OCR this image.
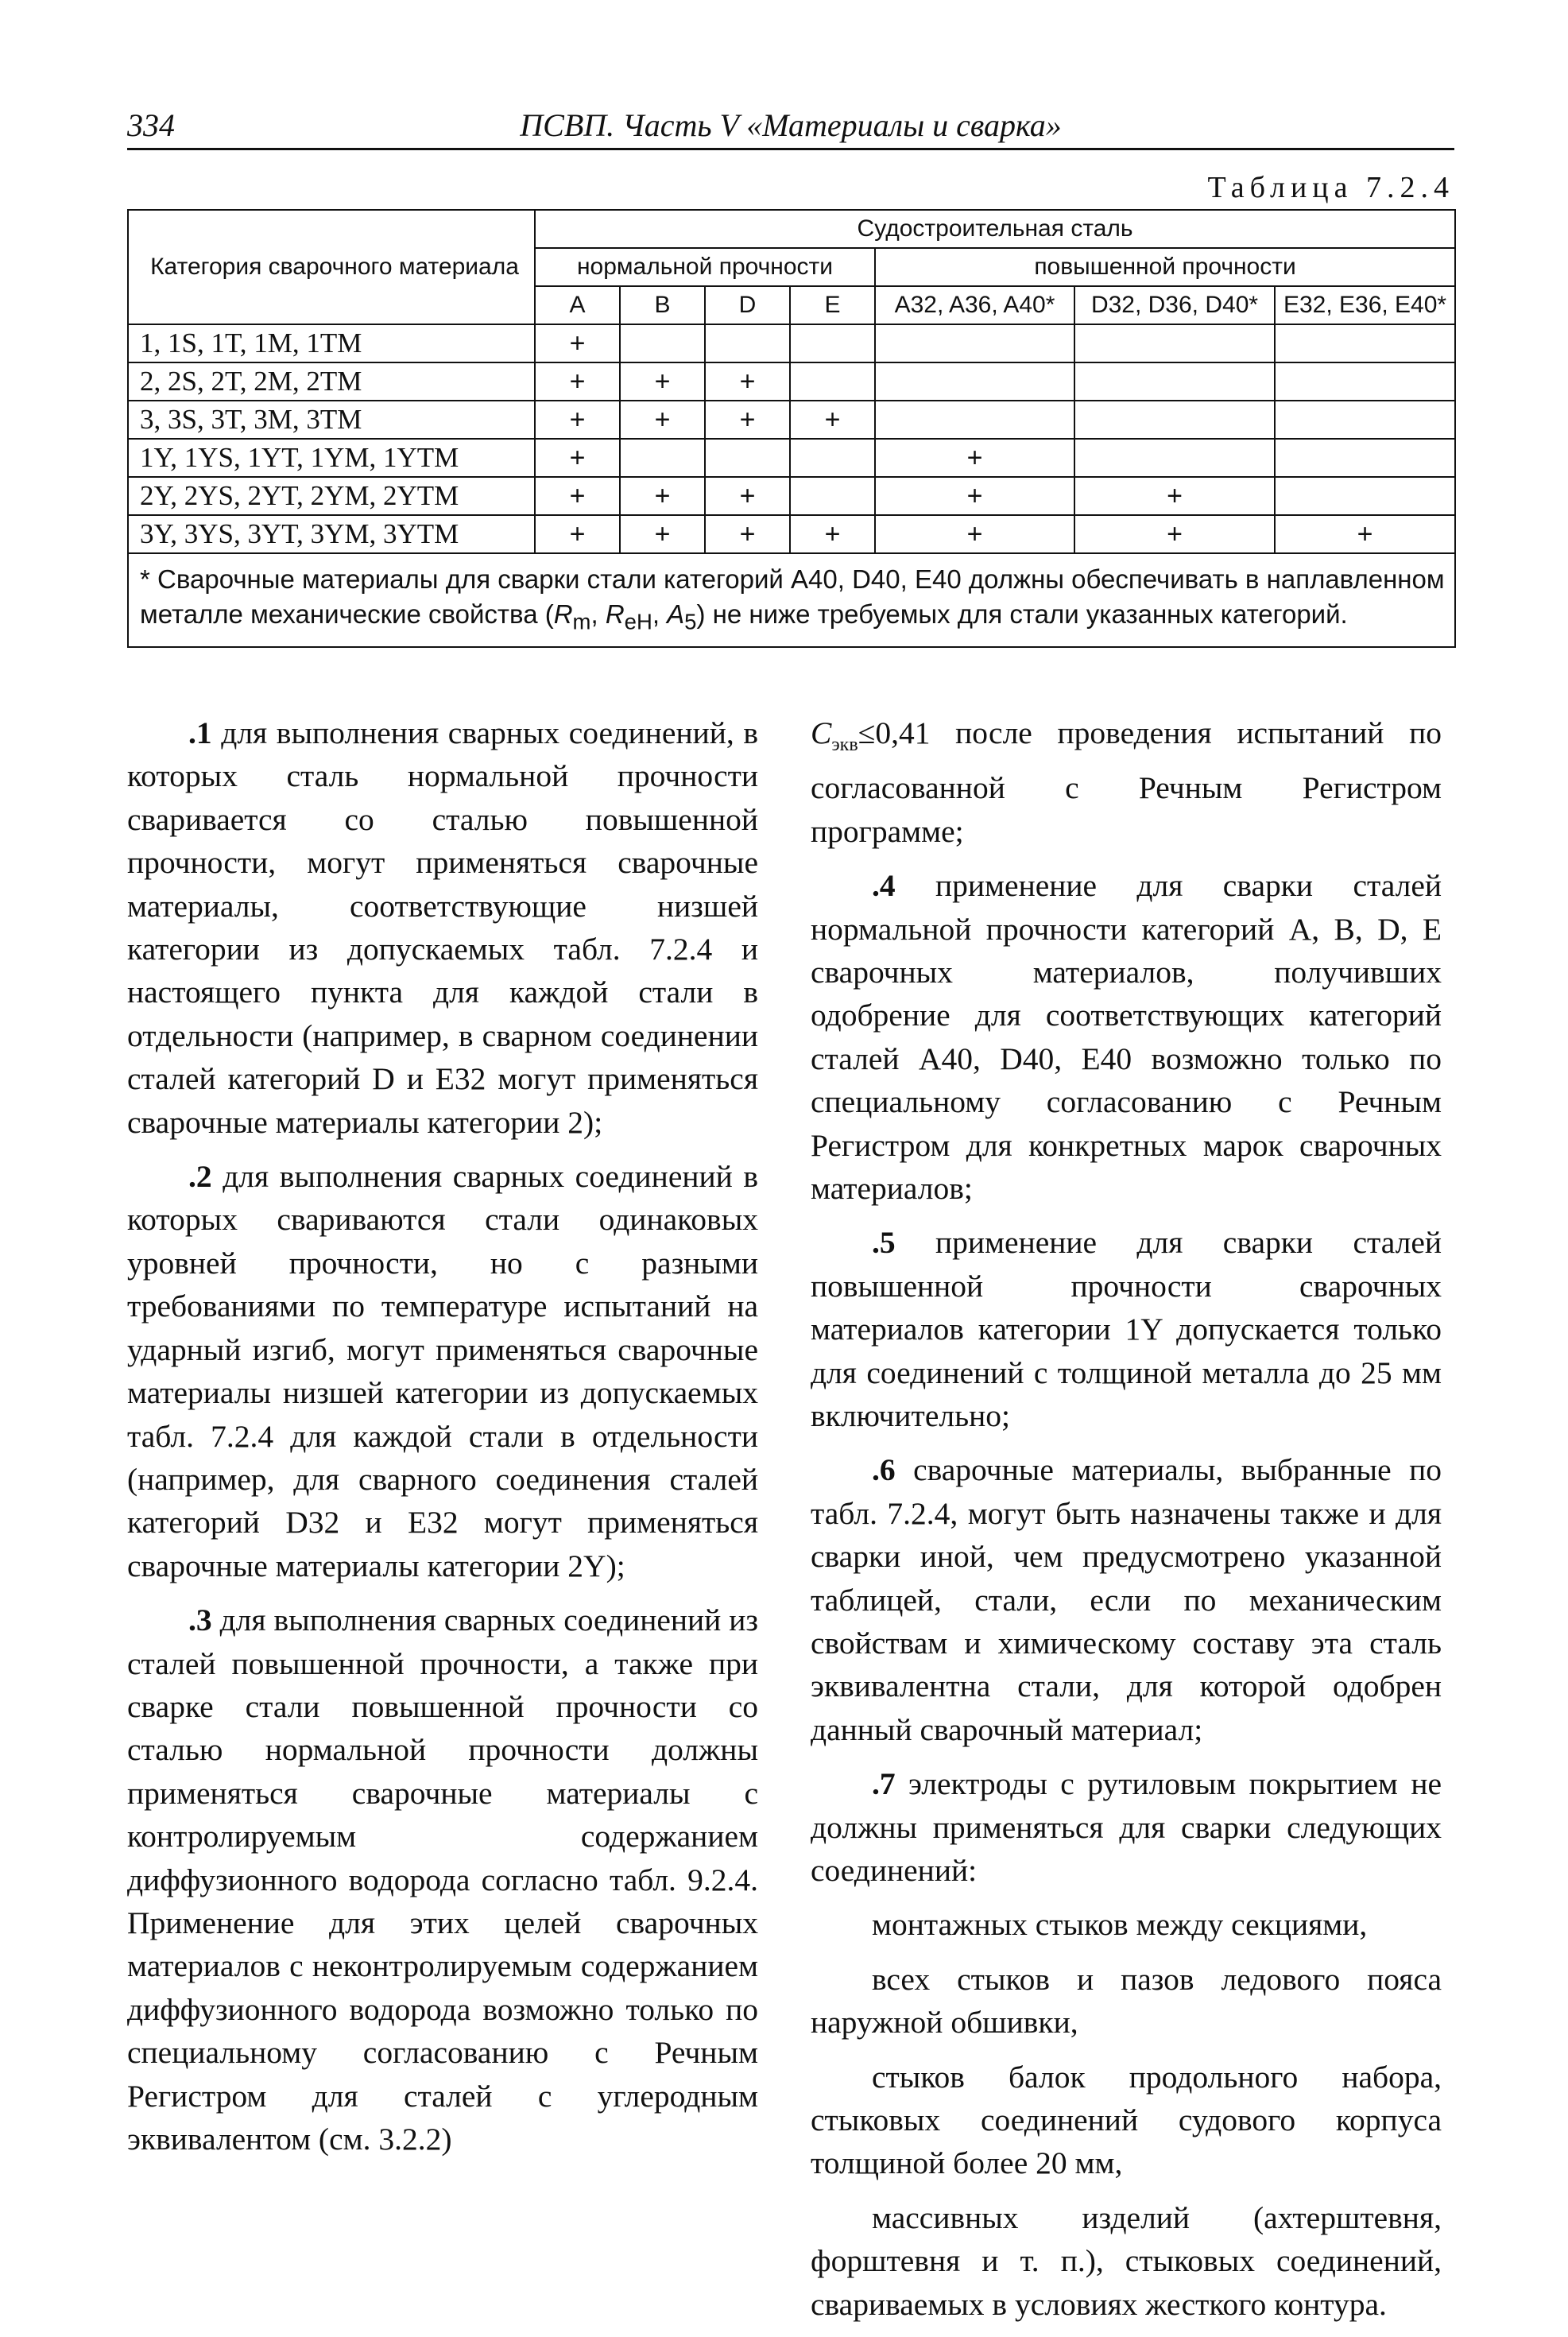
334	ПСВП. Часть V «Материалы и сварка»
Таблица 7.2.4
Категория сварочного материала	Судостроительная сталь						
	нормальной прочности				повышенной прочности		
	A	B	D	E	A32, A36, A40*	D32, D36, D40*	E32, E36, E40*
1, 1S, 1T, 1M, 1TM	+						
2, 2S, 2T, 2M, 2TM	+	+	+				
3, 3S, 3T, 3M, 3TM	+	+	+	+			
1Y, 1YS, 1YT, 1YM, 1YTM	+				+		
2Y, 2YS, 2YT, 2YM, 2YTM	+	+	+		+	+	
3Y, 3YS, 3YT, 3YM, 3YTM	+	+	+	+	+	+	+
* Сварочные материалы для сварки стали категорий A40, D40, E40 должны обеспечивать в наплавленном металле механические свойства ($R_m$, $R_{eH}$, $A_5$) не ниже требуемых для стали указанных категорий.							

.1 для выполнения сварных соединений, в которых сталь нормальной прочности сваривается со сталью повышенной прочности, могут применяться сварочные материалы, соответствующие низшей категории из допускаемых табл. 7.2.4 и настоящего пункта для каждой стали в отдельности (например, в сварном соединении сталей категорий D и E32 могут применяться сварочные материалы категории 2);

.2 для выполнения сварных соединений в которых свариваются стали одинаковых уровней прочности, но с разными требованиями по температуре испытаний на ударный изгиб, могут применяться сварочные материалы низшей категории из допускаемых табл. 7.2.4 для каждой стали в отдельности (например, для сварного соединения сталей категорий D32 и E32 могут применяться сварочные материалы категории 2Y);

.3 для выполнения сварных соединений из сталей повышенной прочности, а также при сварке стали повышенной прочности со сталью нормальной прочности должны применяться сварочные материалы с контролируемым содержанием диффузионного водорода согласно табл. 9.2.4. Применение для этих целей сварочных материалов с неконтролируемым содержанием диффузионного водорода возможно только по специальному согласованию с Речным Регистром для сталей с углеродным эквивалентом (см. 3.2.2)

$C_{экв}\le 0,41$ после проведения испытаний по согласованной с Речным Регистром программе;

.4 применение для сварки сталей нормальной прочности категорий A, B, D, E сварочных материалов, получивших одобрение для соответствующих категорий сталей A40, D40, E40 возможно только по специальному согласованию с Речным Регистром для конкретных марок сварочных материалов;

.5 применение для сварки сталей повышенной прочности сварочных материалов категории 1Y допускается только для соединений с толщиной металла до 25 мм включительно;

.6 сварочные материалы, выбранные по табл. 7.2.4, могут быть назначены также и для сварки иной, чем предусмотрено указанной таблицей, стали, если по механическим свойствам и химическому составу эта сталь эквивалентна стали, для которой одобрен данный сварочный материал;

.7 электроды с рутиловым покрытием не должны применяться для сварки следующих соединений:

монтажных стыков между секциями,

всех стыков и пазов ледового пояса наружной обшивки,

стыков балок продольного набора, стыковых соединений судового корпуса толщиной более 20 мм,

массивных изделий (ахтерштевня, форштевня и т. п.), стыковых соединений, свариваемых в условиях жесткого контура.
